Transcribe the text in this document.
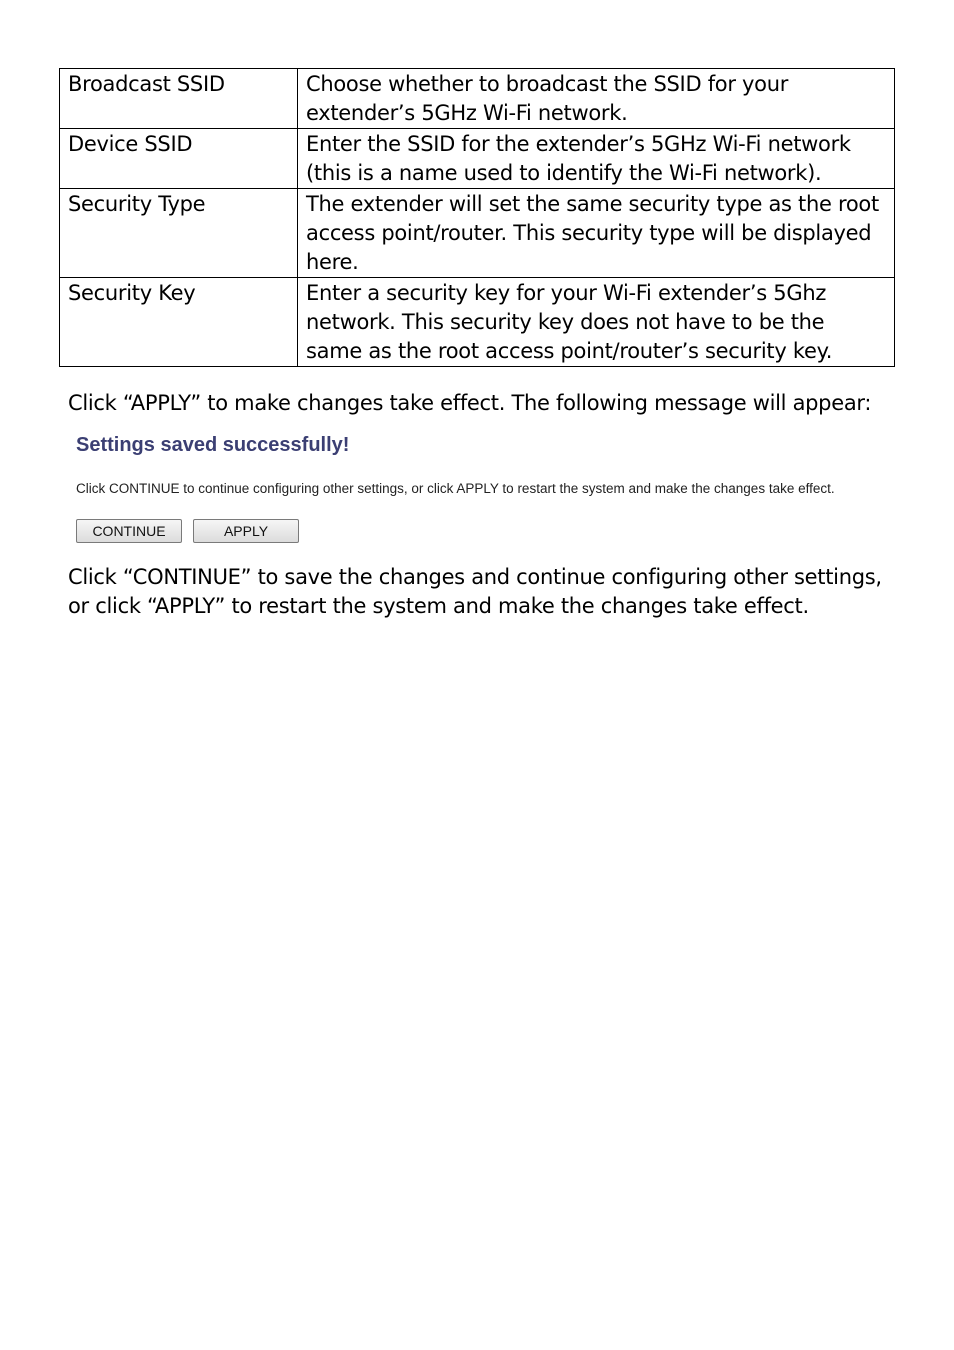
Broadcast SSID	Choose whether to broadcast the SSID for your extender’s 5GHz Wi-Fi network.
Device SSID	Enter the SSID for the extender’s 5GHz Wi-Fi network (this is a name used to identify the Wi-Fi network).
Security Type	The extender will set the same security type as the root access point/router. This security type will be displayed here.
Security Key	Enter a security key for your Wi-Fi extender’s 5Ghz network. This security key does not have to be the same as the root access point/router’s security key.

Click “APPLY” to make changes take effect. The following message will appear:

Settings saved successfully!

Click CONTINUE to continue configuring other settings, or click APPLY to restart the system and make the changes take effect.

CONTINUE	APPLY

Click “CONTINUE” to save the changes and continue configuring other settings, or click “APPLY” to restart the system and make the changes take effect.
